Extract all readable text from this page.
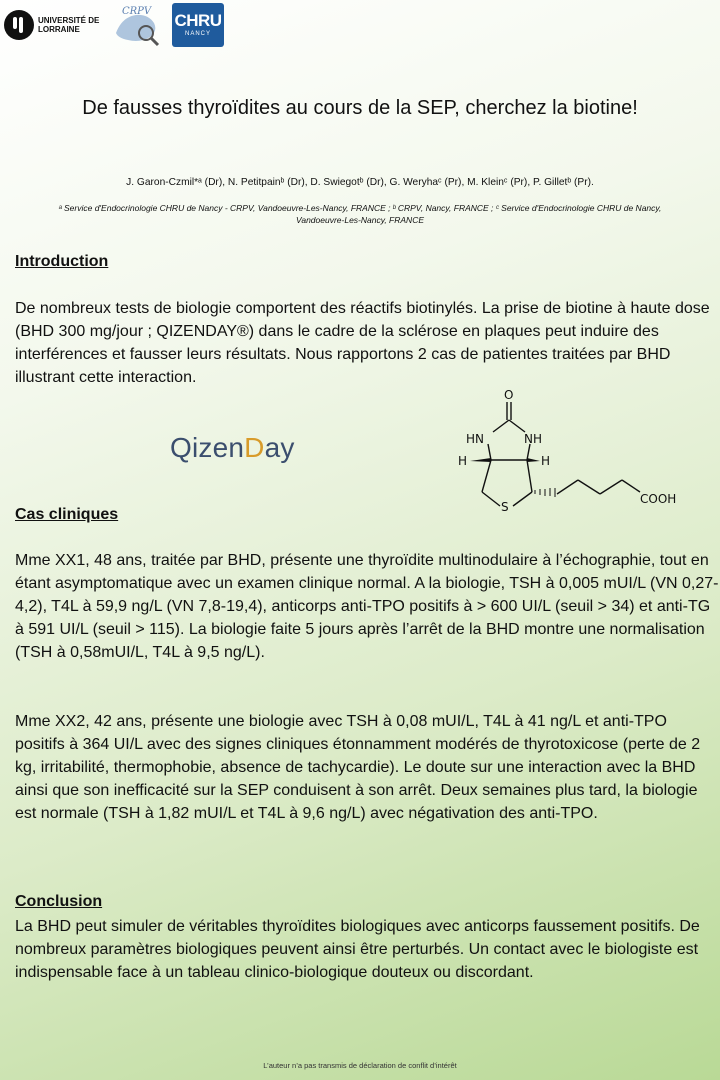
UNIVERSITÉ DE LORRAINE
CRPV CHRU
NANCY
De fausses thyroïdites au cours de la SEP, cherchez la biotine!
J. Garon-Czmil*ᵃ (Dr), N. Petitpainᵇ (Dr), D. Swiegotᵇ (Dr), G. Weryhaᶜ (Pr), M. Kleinᶜ (Pr), P. Gilletᵇ (Pr).
ᵃ Service d'Endocrinologie CHRU de Nancy - CRPV, Vandoeuvre-Les-Nancy, FRANCE ; ᵇ CRPV, Nancy, FRANCE ; ᶜ Service d'Endocrinologie CHRU de Nancy, Vandoeuvre-Les-Nancy, FRANCE
Introduction

De nombreux tests de biologie comportent des réactifs biotinylés. La prise de biotine à haute dose (BHD 300 mg/jour ; QIZENDAY®) dans le cadre de la sclérose en plaques peut induire des interférences et fausser leurs résultats. Nous rapportons 2 cas de patientes traitées par BHD illustrant cette interaction.

QizenDay
O
HN	NH
H	H
S
COOH
Cas cliniques

Mme XX1, 48 ans, traitée par BHD, présente une thyroïdite multinodulaire à l’échographie, tout en étant asymptomatique avec un examen clinique normal. A la biologie, TSH à 0,005 mUI/L (VN 0,27-4,2), T4L à 59,9 ng/L (VN 7,8-19,4), anticorps anti-TPO positifs à > 600 UI/L (seuil > 34) et anti-TG à 591 UI/L (seuil > 115). La biologie faite 5 jours après l’arrêt de la BHD montre une normalisation (TSH à 0,58mUI/L, T4L à 9,5 ng/L).

Mme XX2, 42 ans, présente une biologie avec TSH à 0,08 mUI/L, T4L à 41 ng/L et anti-TPO positifs à 364 UI/L avec des signes cliniques étonnamment modérés de thyrotoxicose (perte de 2 kg, irritabilité, thermophobie, absence de tachycardie). Le doute sur une interaction avec la BHD ainsi que son inefficacité sur la SEP conduisent à son arrêt. Deux semaines plus tard, la biologie est normale (TSH à 1,82 mUI/L et T4L à 9,6 ng/L) avec négativation des anti-TPO.

Conclusion

La BHD peut simuler de véritables thyroïdites biologiques avec anticorps faussement positifs. De nombreux paramètres biologiques peuvent ainsi être perturbés. Un contact avec le biologiste est indispensable face à un tableau clinico-biologique douteux ou discordant.

L’auteur n’a pas transmis de déclaration de conflit d’intérêt
